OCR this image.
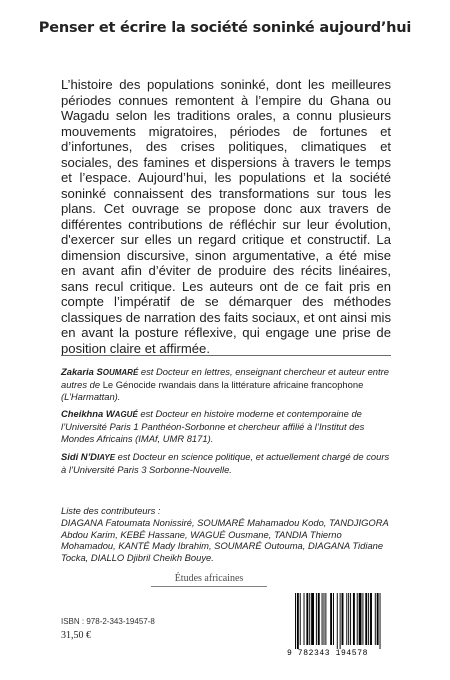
Penser et écrire la société soninké aujourd’hui

L’histoire des populations soninké, dont les meilleures périodes connues remontent à l’empire du Ghana ou Wagadu selon les traditions orales, a connu plusieurs mouvements migratoires, périodes de fortunes et d’infortunes, des crises politiques, climatiques et sociales, des famines et dispersions à travers le temps et l’espace. Aujourd’hui, les populations et la société soninké connaissent des transformations sur tous les plans. Cet ouvrage se propose donc aux travers de différentes contributions de réfléchir sur leur évolution, d'exercer sur elles un regard critique et constructif. La dimension discursive, sinon argumentative, a été mise en avant afin d’éviter de produire des récits linéaires, sans recul critique. Les auteurs ont de ce fait pris en compte l’impératif de se démarquer des méthodes classiques de narration des faits sociaux, et ont ainsi mis en avant la posture réflexive, qui engage une prise de position claire et affirmée.

Zakaria SOUMARÉ est Docteur en lettres, enseignant chercheur et auteur entre autres de Le Génocide rwandais dans la littérature africaine francophone (L’Harmattan).

Cheikhna WAGUÉ est Docteur en histoire moderne et contemporaine de l’Université Paris 1 Panthéon-Sorbonne et chercheur affilié à l’Institut des Mondes Africains (IMAf, UMR 8171).

Sidi N’DIAYE est Docteur en science politique, et actuellement chargé de cours à l’Université Paris 3 Sorbonne-Nouvelle.

Liste des contributeurs :
DIAGANA Fatoumata Nonissiré, SOUMARÉ Mahamadou Kodo, TANDJIGORA Abdou Karim, KEBÉ Hassane, WAGUÉ Ousmane, TANDIA Thierno Mohamadou, KANTÉ Mady Ibrahim, SOUMARÉ Outouma, DIAGANA Tidiane Tocka, DIALLO Djibril Cheikh Bouye.
Études africaines
ISBN : 978-2-343-19457-8
31,50 €
9 782343 194578
